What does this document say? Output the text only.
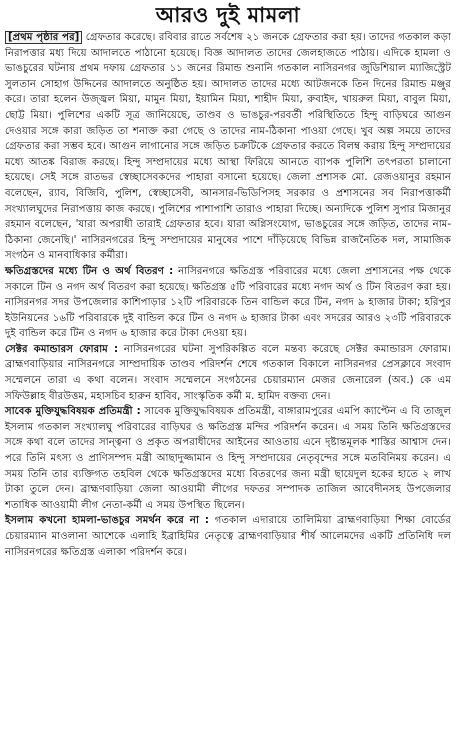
আরও দুই মামলা

[প্রথম পৃষ্ঠার পর] গ্রেফতার করেছে। রবিবার রাতে সর্বশেষ ২১ জনকে গ্রেফতার করা হয়। তাদের গতকাল কড়া নিরাপত্তার মধ্য দিয়ে আদালতে পাঠানো হয়েছে। বিজ্ঞ আদালত তাদের জেলহাজতে পাঠায়। এদিকে হামলা ও ভাঙচুরের ঘটনায় প্রথম দফায় গ্রেফতার ১১ জনের রিমান্ড শুনানি গতকাল নাসিরনগর জুডিশিয়াল ম্যাজিস্ট্রেট সুলতান সোহাগ উদ্দিনের আদালতে অনুষ্ঠিত হয়। আদালত তাদের মধ্যে আটজনকে তিন দিনের রিমান্ড মঞ্জুর করে। তারা হলেন উজ্জ্বল মিয়া, মামুন মিয়া, ইয়ামিন মিয়া, শাহীদ মিয়া, রুবাইদ, খায়রুল মিয়া, বাবুল মিয়া, ছোট্ট মিয়া। পুলিশের একটি সূত্র জানিয়েছে, তাণ্ডব ও ভাঙচুর-পরবর্তী পরিস্থিতিতে হিন্দু বাড়িঘরে আগুন দেওয়ার সঙ্গে কারা জড়িত তা শনাক্ত করা গেছে ও তাদের নাম-ঠিকানা পাওয়া গেছে। খুব অল্প সময়ে তাদের গ্রেফতার করা সম্ভব হবে। আগুন লাগানোর সঙ্গে জড়িত চক্রটিকে গ্রেফতার করতে বিলম্ব করায় হিন্দু সম্প্রদায়ের মধ্যে আতঙ্ক বিরাজ করছে। হিন্দু সম্প্রদায়ের মধ্যে আস্থা ফিরিয়ে আনতে ব্যাপক পুলিশি তৎপরতা চালানো হয়েছে। সেই সঙ্গে রাতভর স্বেচ্ছাসেবকদের পাহারা বসানো হয়েছে। জেলা প্রশাসক মো. রেজওয়ানুর রহমান বলেছেন, র‍্যাব, বিজিবি, পুলিশ, স্বেচ্ছাসেবী, আনসার-ভিডিপিসহ সরকার ও প্রশাসনের সব নিরাপত্তাকর্মী সংখ্যালঘুদের নিরাপত্তায় কাজ করছে। পুলিশের পাশাপাশি তারাও পাহারা দিচ্ছে। অন্যদিকে পুলিশ সুপার মিজানুর রহমান বলেছেন, 'যারা অপরাধী তারাই গ্রেফতার হবে। যারা অগ্নিসংযোগ, ভাঙচুরের সঙ্গে জড়িত, তাদের নাম-ঠিকানা জেনেছি।' নাসিরনগরের হিন্দু সম্প্রদায়ের মানুষের পাশে দাঁড়িয়েছে বিভিন্ন রাজনৈতিক দল, সামাজিক সংগঠন ও মানবাধিকার কর্মীরা।

ক্ষতিগ্রস্তদের মধ্যে টিন ও অর্থ বিতরণ : নাসিরনগরে ক্ষতিগ্রস্ত পরিবারের মধ্যে জেলা প্রশাসনের পক্ষ থেকে সকালে টিন ও নগদ অর্থ বিতরণ করা হয়েছে। ক্ষতিগ্রস্ত ৫টি পরিবারের মধ্যে নগদ অর্থ ও টিন বিতরণ করা হয়। নাসিরনগর সদর উপজেলার কাশিপাড়ার ১২টি পরিবারকে তিন বান্ডিল করে টিন, নগদ ৯ হাজার টাকা; হরিপুর ইউনিয়নের ১৬টি পরিবারকে দুই বান্ডিল করে টিন ও নগদ ৬ হাজার টাকা এবং সদরের আরও ২৩টি পরিবারকে দুই বান্ডিল করে টিন ও নগদ ৬ হাজার করে টাকা দেওয়া হয়।

সেক্টর কমান্ডারস ফোরাম : নাসিরনগরের ঘটনা সুপরিকল্পিত বলে মন্তব্য করেছে সেক্টর কমান্ডারস ফোরাম। ব্রাহ্মণবাড়িয়ার নাসিরনগরে সাম্প্রদায়িক তাণ্ডব পরিদর্শন শেষে গতকাল বিকালে নাসিরনগর প্রেসক্লাবে সংবাদ সম্মেলনে তারা এ কথা বলেন। সংবাদ সম্মেলনে সংগঠনের চেয়ারম্যান মেজর জেনারেল (অব.) কে এম সফিউল্লাহ বীরউত্তম, মহাসচিব হারুন হাবিব, সাংস্কৃতিক কর্মী ম. হামিদ বক্তব্য দেন।

সাবেক মুক্তিযুদ্ধবিষয়ক প্রতিমন্ত্রী : সাবেক মুক্তিযুদ্ধবিষয়ক প্রতিমন্ত্রী, বাঙ্গারামপুরের এমপি ক্যাপ্টেন এ বি তাজুল ইসলাম গতকাল সংখ্যালঘু পরিবারের বাড়িঘর ও ক্ষতিগ্রস্ত মন্দির পরিদর্শন করেন। এ সময় তিনি ক্ষতিগ্রস্তদের সঙ্গে কথা বলে তাদের সান্ত্বনা ও প্রকৃত অপরাধীদের আইনের আওতায় এনে দৃষ্টান্তমূলক শাস্তির আশ্বাস দেন। পরে তিনি মৎস্য ও প্রাণিসম্পদ মন্ত্রী আছাদুজ্জামান ও হিন্দু সম্প্রদায়ের নেতৃবৃন্দের সঙ্গে মতবিনিময় করেন। এ সময় তিনি তার ব্যক্তিগত তহবিল থেকে ক্ষতিগ্রস্তদের মধ্যে বিতরণের জন্য মন্ত্রী ছায়েদুল হকের হাতে ২ লাখ টাকা তুলে দেন। ব্রাহ্মণবাড়িয়া জেলা আওয়ামী লীগের দফতর সম্পাদক তাজিল আবেদীনসহ উপজেলার শতাধিক আওয়ামী লীগ নেতা-কর্মী এ সময় উপস্থিত ছিলেন।

ইসলাম কখনো হামলা-ভাঙচুর সমর্থন করে না : গতকাল এদারায়ে তালিমিয়া ব্রাহ্মণবাড়িয়া শিক্ষা বোর্ডের চেয়ারম্যান মাওলানা আশেকে এলাহি ইব্রাহিমির নেতৃত্বে ব্রাহ্মণবাড়িয়ার শীর্ষ আলেমদের একটি প্রতিনিধি দল নাসিরনগরের ক্ষতিগ্রস্ত এলাকা পরিদর্শন করে।
